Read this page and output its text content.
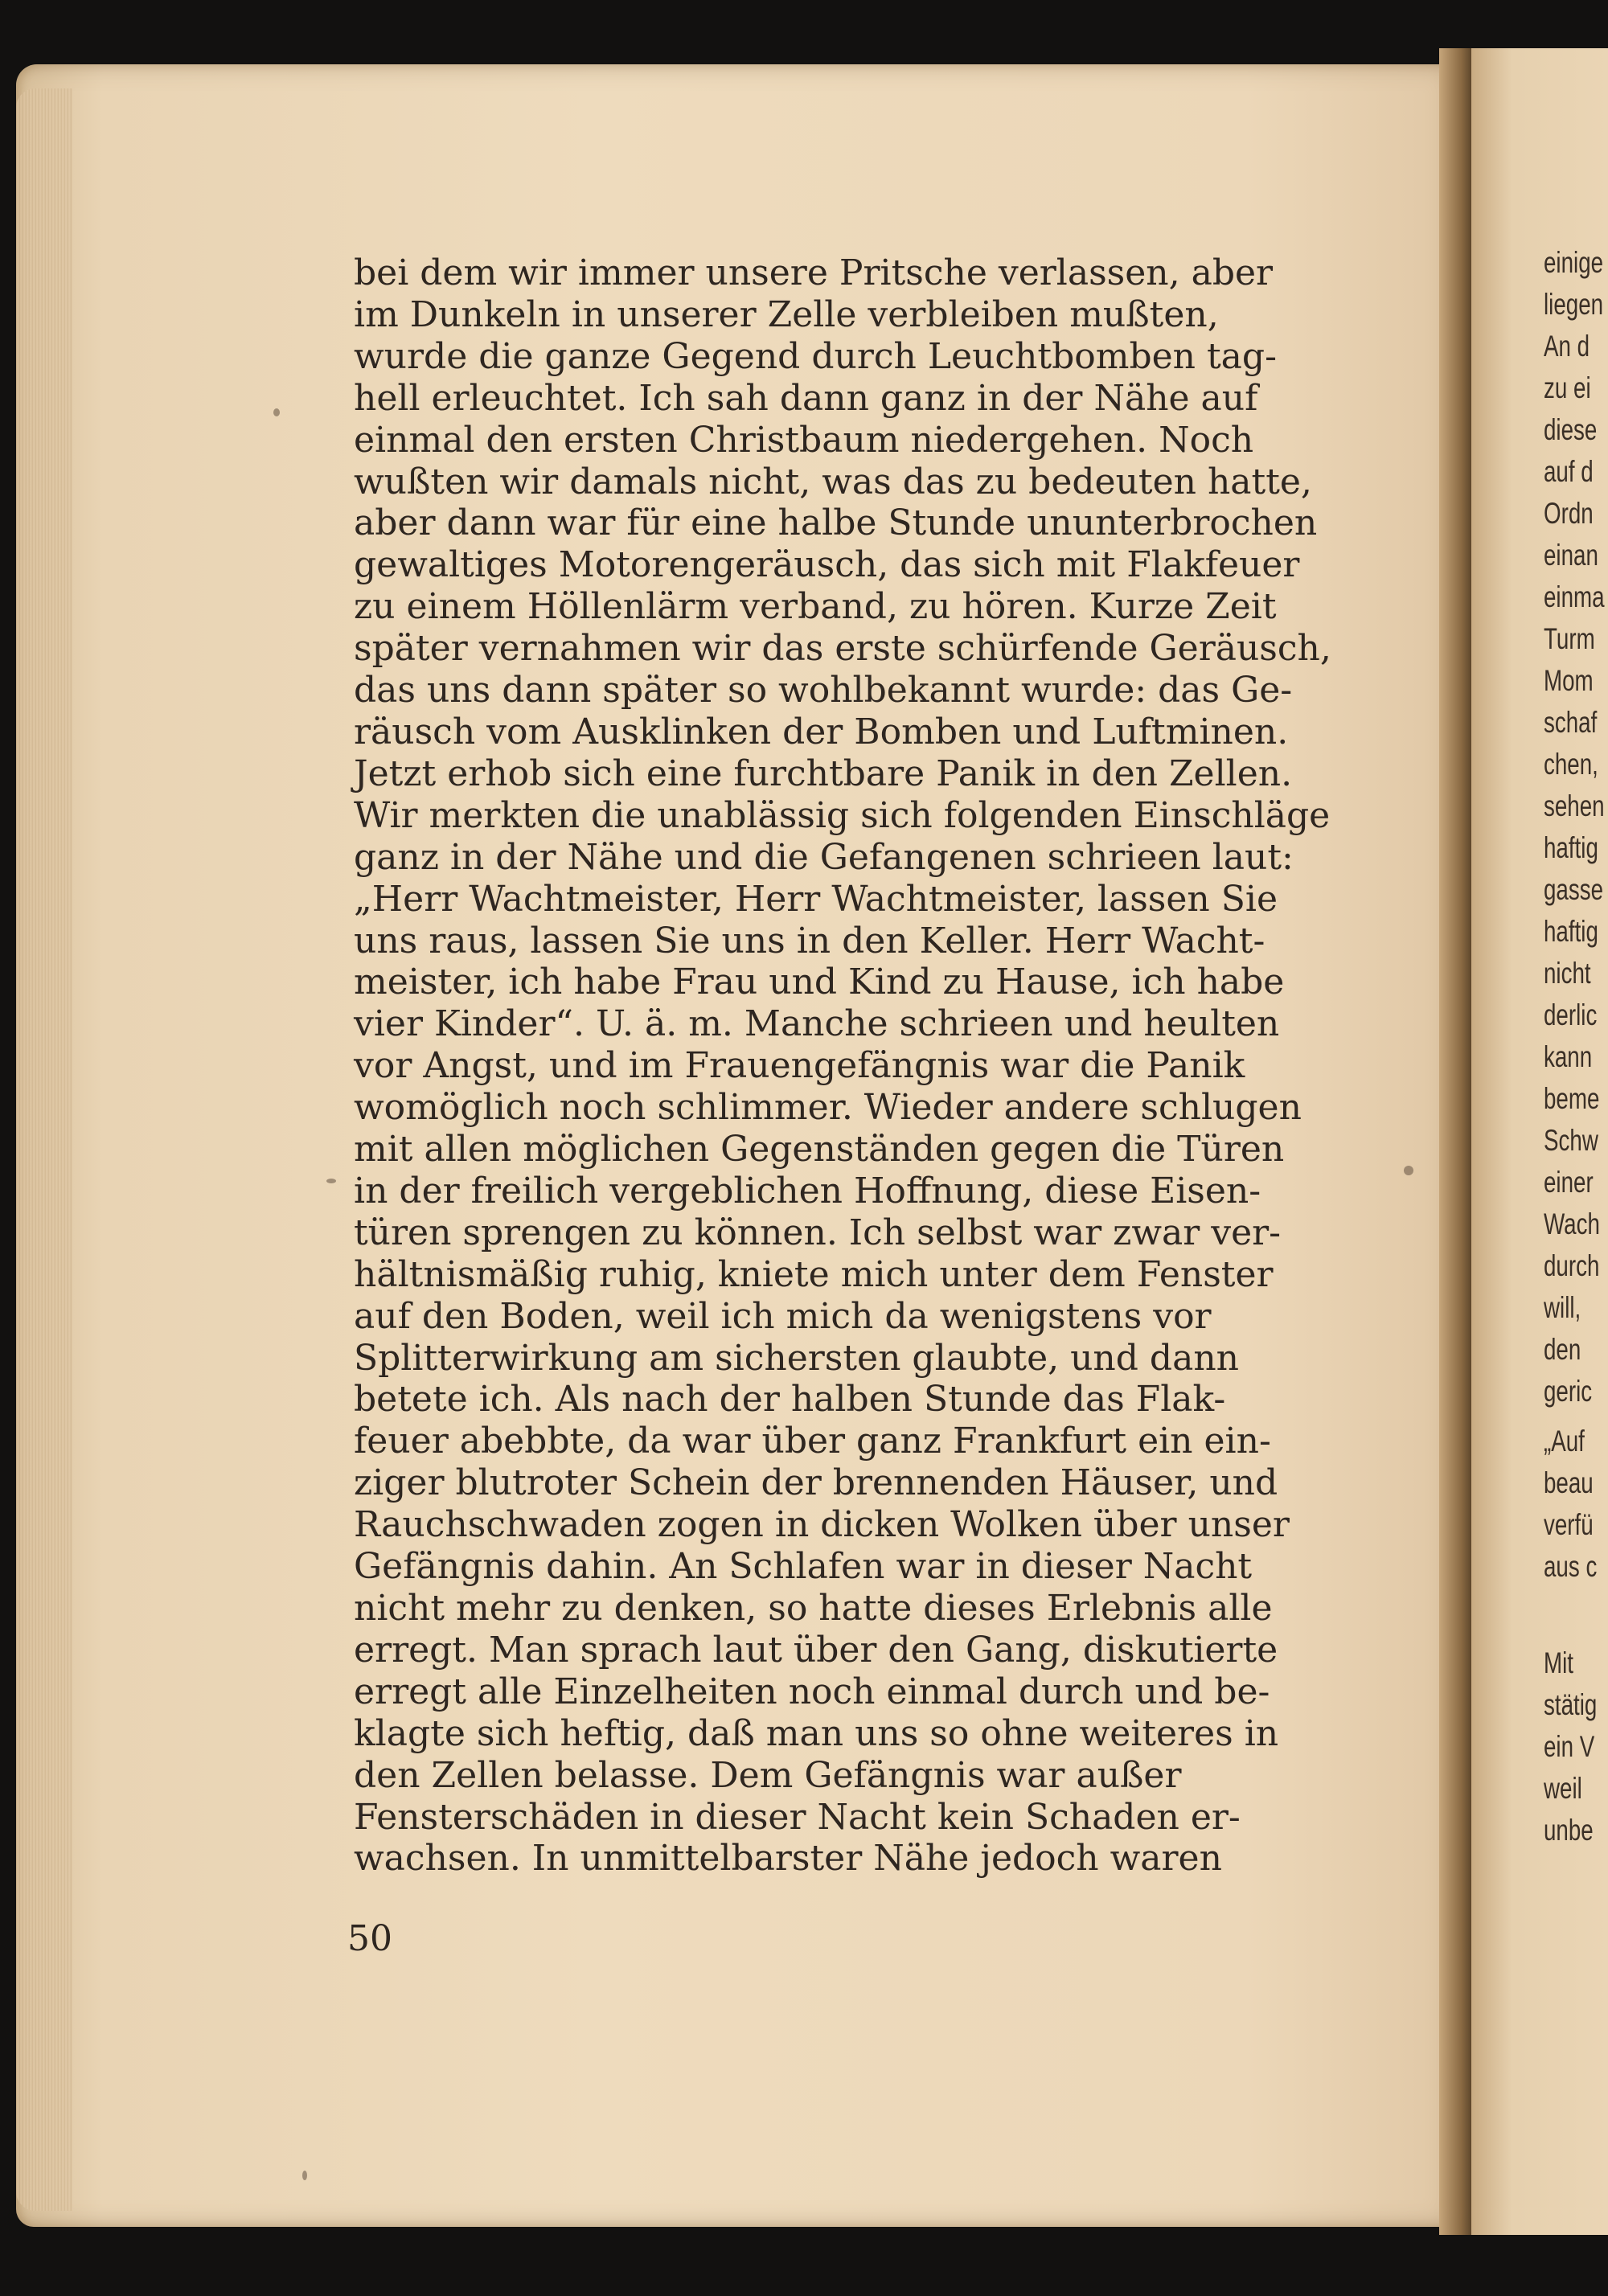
bei dem wir immer unsere Pritsche verlassen, aber
im Dunkeln in unserer Zelle verbleiben mußten,
wurde die ganze Gegend durch Leuchtbomben tag-
hell erleuchtet. Ich sah dann ganz in der Nähe auf
einmal den ersten Christbaum niedergehen. Noch
wußten wir damals nicht, was das zu bedeuten hatte,
aber dann war für eine halbe Stunde ununterbrochen
gewaltiges Motorengeräusch, das sich mit Flakfeuer
zu einem Höllenlärm verband, zu hören. Kurze Zeit
später vernahmen wir das erste schürfende Geräusch,
das uns dann später so wohlbekannt wurde: das Ge-
räusch vom Ausklinken der Bomben und Luftminen.
Jetzt erhob sich eine furchtbare Panik in den Zellen.
Wir merkten die unablässig sich folgenden Einschläge
ganz in der Nähe und die Gefangenen schrieen laut:
„Herr Wachtmeister, Herr Wachtmeister, lassen Sie
uns raus, lassen Sie uns in den Keller. Herr Wacht-
meister, ich habe Frau und Kind zu Hause, ich habe
vier Kinder“. U. ä. m. Manche schrieen und heulten
vor Angst, und im Frauengefängnis war die Panik
womöglich noch schlimmer. Wieder andere schlugen
mit allen möglichen Gegenständen gegen die Türen
in der freilich vergeblichen Hoffnung, diese Eisen-
türen sprengen zu können. Ich selbst war zwar ver-
hältnismäßig ruhig, kniete mich unter dem Fenster
auf den Boden, weil ich mich da wenigstens vor
Splitterwirkung am sichersten glaubte, und dann
betete ich. Als nach der halben Stunde das Flak-
feuer abebbte, da war über ganz Frankfurt ein ein-
ziger blutroter Schein der brennenden Häuser, und
Rauchschwaden zogen in dicken Wolken über unser
Gefängnis dahin. An Schlafen war in dieser Nacht
nicht mehr zu denken, so hatte dieses Erlebnis alle
erregt. Man sprach laut über den Gang, diskutierte
erregt alle Einzelheiten noch einmal durch und be-
klagte sich heftig, daß man uns so ohne weiteres in
den Zellen belasse. Dem Gefängnis war außer
Fensterschäden in dieser Nacht kein Schaden er-
wachsen. In unmittelbarster Nähe jedoch waren
50
einige
liegen
An d
zu ei
diese
auf d
Ordn
einan
einma
Turm
Mom
schaf
chen,
sehen
haftig
gasse
haftig
nicht
derlic
kann
beme
Schw
einer
Wach
durch
will,
den
geric
„Auf
beau
verfü
aus c
Mit
stätig
ein V
weil
unbe
